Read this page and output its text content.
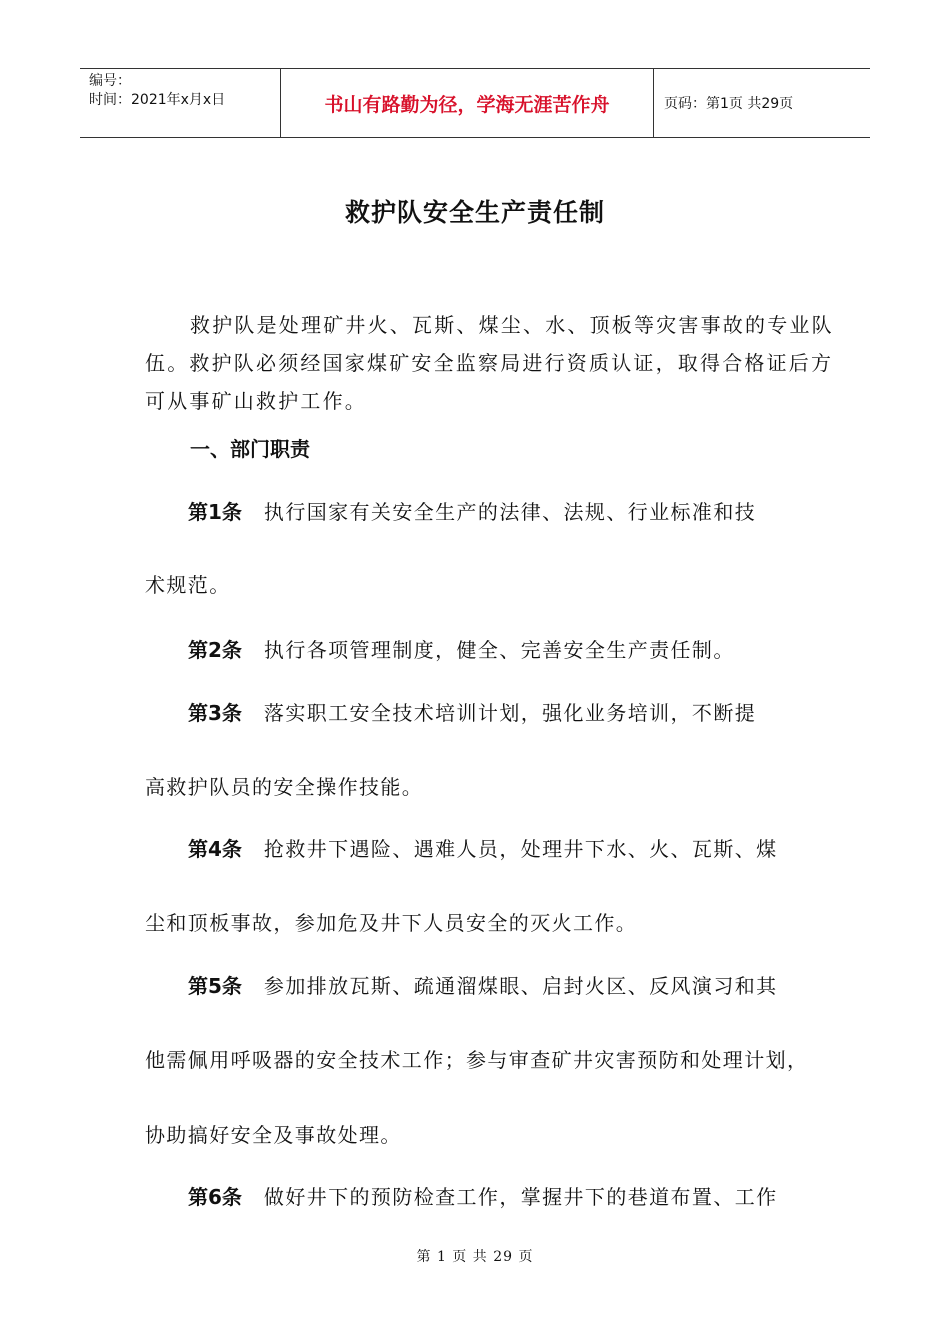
编号：
时间：2021年x月x日	书山有路勤为径，学海无涯苦作舟	页码：第1页 共29页
救护队安全生产责任制
救护队是处理矿井火、瓦斯、煤尘、水、顶板等灾害事故的专业队伍。救护队必须经国家煤矿安全监察局进行资质认证，取得合格证后方可从事矿山救护工作。
一、部门职责
第1条 执行国家有关安全生产的法律、法规、行业标准和技
术规范。
第2条 执行各项管理制度，健全、完善安全生产责任制。
第3条 落实职工安全技术培训计划，强化业务培训，不断提
高救护队员的安全操作技能。
第4条 抢救井下遇险、遇难人员，处理井下水、火、瓦斯、煤
尘和顶板事故，参加危及井下人员安全的灭火工作。
第5条 参加排放瓦斯、疏通溜煤眼、启封火区、反风演习和其
他需佩用呼吸器的安全技术工作；参与审查矿井灾害预防和处理计划，
协助搞好安全及事故处理。
第6条 做好井下的预防检查工作，掌握井下的巷道布置、工作
第 1 页 共 29 页
